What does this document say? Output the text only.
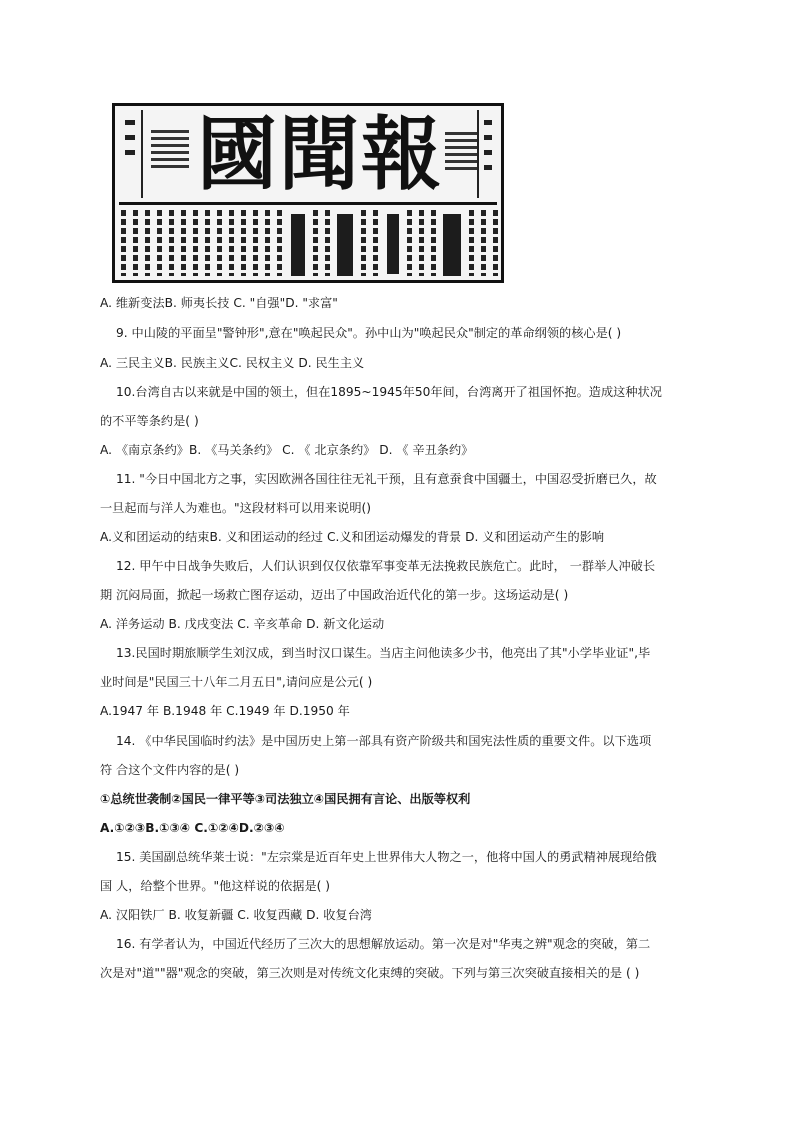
國聞報
A. 维新变法B. 师夷长技 C. "自强"D. "求富"
9. 中山陵的平面呈"警钟形",意在"唤起民众"。孙中山为"唤起民众"制定的革命纲领的核心是( )
A. 三民主义B. 民族主义C. 民权主义 D. 民生主义
10.台湾自古以来就是中国的领土，但在1895~1945年50年间，台湾离开了祖国怀抱。造成这种状况
的不平等条约是( )
A. 《南京条约》B. 《马关条约》 C. 《 北京条约》 D. 《 辛丑条约》
11. "今日中国北方之事，实因欧洲各国往往无礼干预，且有意蚕食中国疆土，中国忍受折磨已久，故
一旦起而与洋人为难也。"这段材料可以用来说明()
A.义和团运动的结束B. 义和团运动的经过 C.义和团运动爆发的背景 D. 义和团运动产生的影响
12. 甲午中日战争失败后，人们认识到仅仅依靠军事变革无法挽救民族危亡。此时， 一群举人冲破长
期 沉闷局面，掀起一场救亡图存运动，迈出了中国政治近代化的第一步。这场运动是( )
A. 洋务运动 B. 戊戌变法 C. 辛亥革命 D. 新文化运动
13.民国时期旅顺学生刘汉成，到当时汉口谋生。当店主问他读多少书，他亮出了其"小学毕业证",毕
业时间是"民国三十八年二月五日",请问应是公元( )
A.1947 年 B.1948 年 C.1949 年 D.1950 年
14. 《中华民国临时约法》是中国历史上第一部具有资产阶级共和国宪法性质的重要文件。以下选项
符 合这个文件内容的是( )
①总统世袭制②国民一律平等③司法独立④国民拥有言论、出版等权利
A.①②③B.①③④ C.①②④D.②③④
15. 美国副总统华莱士说："左宗棠是近百年史上世界伟大人物之一，他将中国人的勇武精神展现给俄
国 人，给整个世界。"他这样说的依据是( )
A. 汉阳铁厂 B. 收复新疆 C. 收复西藏 D. 收复台湾
16. 有学者认为，中国近代经历了三次大的思想解放运动。第一次是对"华夷之辨"观念的突破，第二
次是对"道""器"观念的突破，第三次则是对传统文化束缚的突破。下列与第三次突破直接相关的是 ( )
